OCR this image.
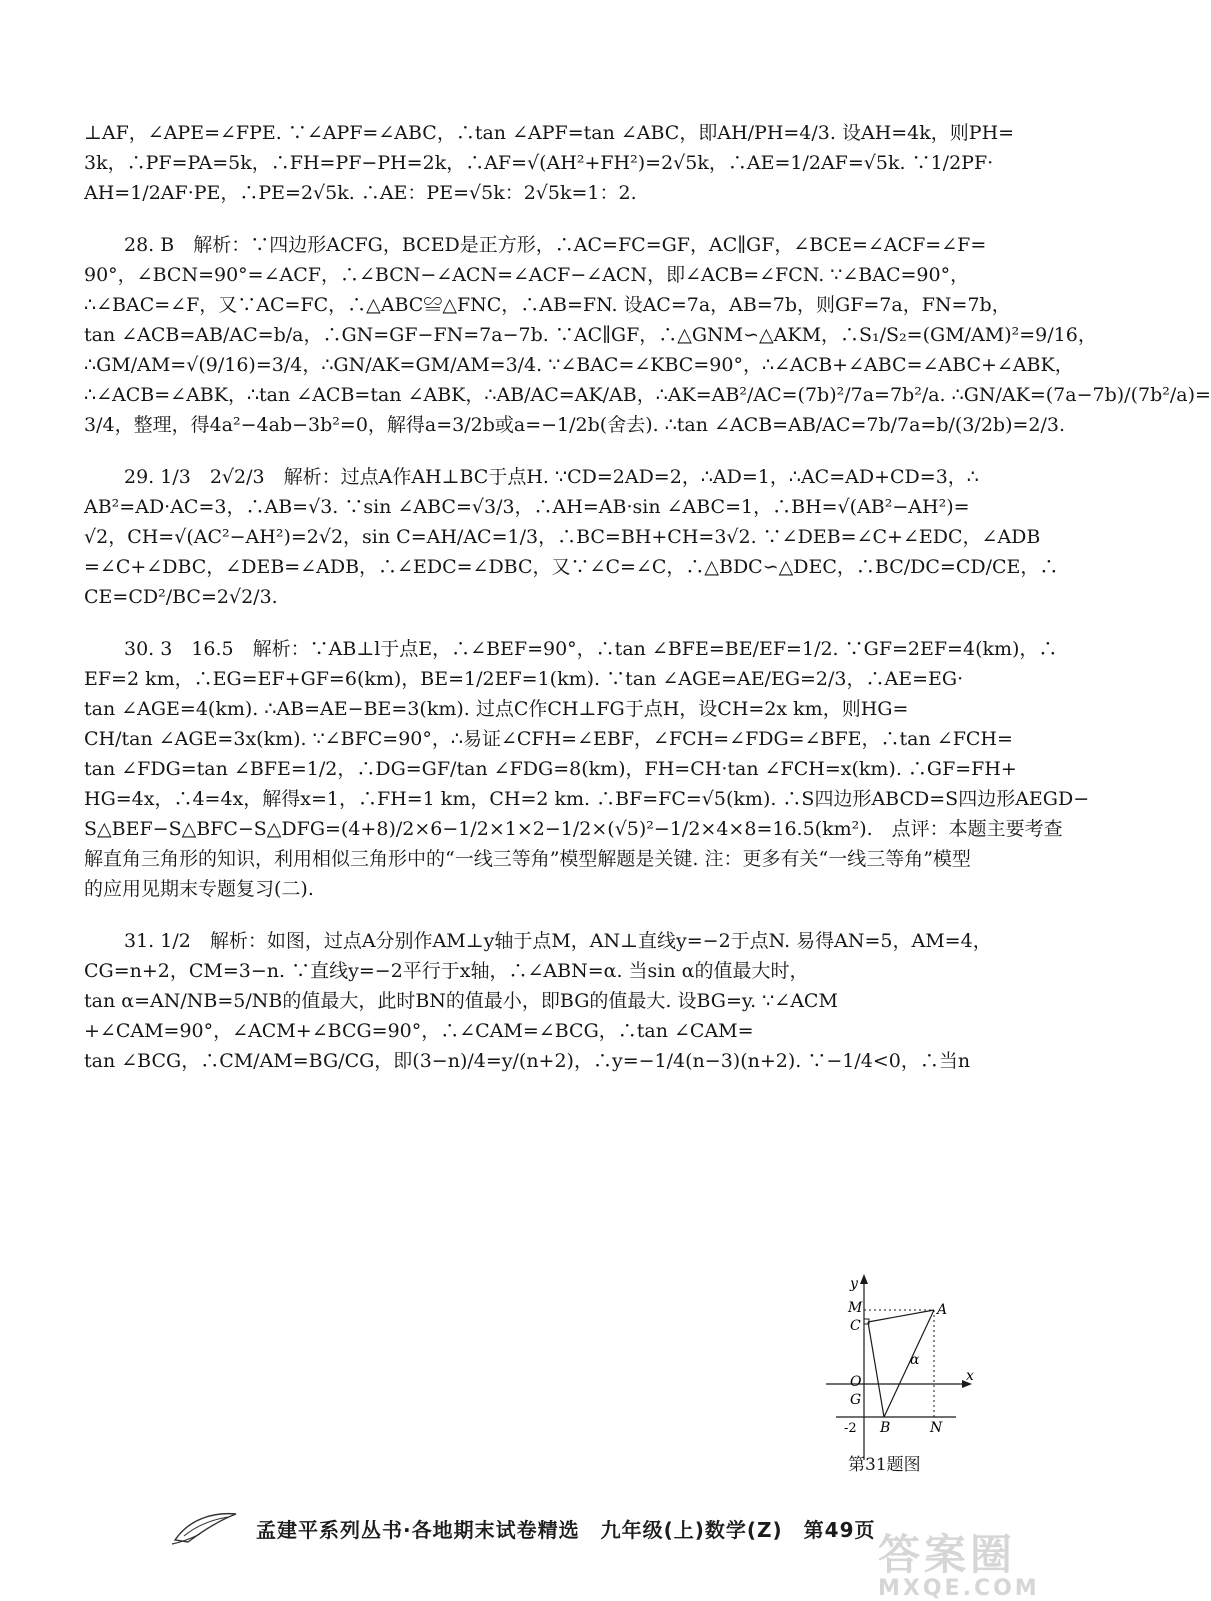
⊥AF，∠APE=∠FPE. ∵∠APF=∠ABC，∴tan ∠APF=tan ∠ABC，即AH/PH=4/3. 设AH=4k，则PH=
3k，∴PF=PA=5k，∴FH=PF−PH=2k，∴AF=√(AH²+FH²)=2√5k，∴AE=1/2AF=√5k. ∵1/2PF·
AH=1/2AF·PE，∴PE=2√5k. ∴AE：PE=√5k：2√5k=1：2.
28. B　解析：∵四边形ACFG，BCED是正方形，∴AC=FC=GF，AC∥GF，∠BCE=∠ACF=∠F=
90°，∠BCN=90°=∠ACF，∴∠BCN−∠ACN=∠ACF−∠ACN，即∠ACB=∠FCN. ∵∠BAC=90°，
∴∠BAC=∠F，又∵AC=FC，∴△ABC≌△FNC，∴AB=FN. 设AC=7a，AB=7b，则GF=7a，FN=7b，
tan ∠ACB=AB/AC=b/a，∴GN=GF−FN=7a−7b. ∵AC∥GF，∴△GNM∽△AKM，∴S₁/S₂=(GM/AM)²=9/16，
∴GM/AM=√(9/16)=3/4，∴GN/AK=GM/AM=3/4. ∵∠BAC=∠KBC=90°，∴∠ACB+∠ABC=∠ABC+∠ABK，
∴∠ACB=∠ABK，∴tan ∠ACB=tan ∠ABK，∴AB/AC=AK/AB，∴AK=AB²/AC=(7b)²/7a=7b²/a. ∴GN/AK=(7a−7b)/(7b²/a)=
3/4，整理，得4a²−4ab−3b²=0，解得a=3/2b或a=−1/2b(舍去). ∴tan ∠ACB=AB/AC=7b/7a=b/(3/2b)=2/3.
29. 1/3　2√2/3　解析：过点A作AH⊥BC于点H. ∵CD=2AD=2，∴AD=1，∴AC=AD+CD=3，∴
AB²=AD·AC=3，∴AB=√3. ∵sin ∠ABC=√3/3，∴AH=AB·sin ∠ABC=1，∴BH=√(AB²−AH²)=
√2，CH=√(AC²−AH²)=2√2，sin C=AH/AC=1/3，∴BC=BH+CH=3√2. ∵∠DEB=∠C+∠EDC，∠ADB
=∠C+∠DBC，∠DEB=∠ADB，∴∠EDC=∠DBC，又∵∠C=∠C，∴△BDC∽△DEC，∴BC/DC=CD/CE，∴
CE=CD²/BC=2√2/3.
30. 3　16.5　解析：∵AB⊥l于点E，∴∠BEF=90°，∴tan ∠BFE=BE/EF=1/2. ∵GF=2EF=4(km)，∴
EF=2 km，∴EG=EF+GF=6(km)，BE=1/2EF=1(km). ∵tan ∠AGE=AE/EG=2/3，∴AE=EG·
tan ∠AGE=4(km). ∴AB=AE−BE=3(km). 过点C作CH⊥FG于点H，设CH=2x km，则HG=
CH/tan ∠AGE=3x(km). ∵∠BFC=90°，∴易证∠CFH=∠EBF，∠FCH=∠FDG=∠BFE，∴tan ∠FCH=
tan ∠FDG=tan ∠BFE=1/2，∴DG=GF/tan ∠FDG=8(km)，FH=CH·tan ∠FCH=x(km). ∴GF=FH+
HG=4x，∴4=4x，解得x=1，∴FH=1 km，CH=2 km. ∴BF=FC=√5(km). ∴S四边形ABCD=S四边形AEGD−
S△BEF−S△BFC−S△DFG=(4+8)/2×6−1/2×1×2−1/2×(√5)²−1/2×4×8=16.5(km²).　点评：本题主要考查
解直角三角形的知识，利用相似三角形中的“一线三等角”模型解题是关键. 注：更多有关“一线三等角”模型
的应用见期末专题复习(二).
31. 1/2　解析：如图，过点A分别作AM⊥y轴于点M，AN⊥直线y=−2于点N. 易得AN=5，AM=4，
CG=n+2，CM=3−n. ∵直线y=−2平行于x轴，∴∠ABN=α. 当sin α的值最大时，
tan α=AN/NB=5/NB的值最大，此时BN的值最小，即BG的值最大. 设BG=y. ∵∠ACM
+∠CAM=90°，∠ACM+∠BCG=90°，∴∠CAM=∠BCG，∴tan ∠CAM=
tan ∠BCG，∴CM/AM=BG/CG，即(3−n)/4=y/(n+2)，∴y=−1/4(n−3)(n+2). ∵−1/4<0，∴当n
y
x
M	A
C
α
O
G
-2 B	N
第31题图
孟建平系列丛书·各地期末试卷精选　九年级(上)数学(Z)　第49页
答案圈
MXQE.COM
